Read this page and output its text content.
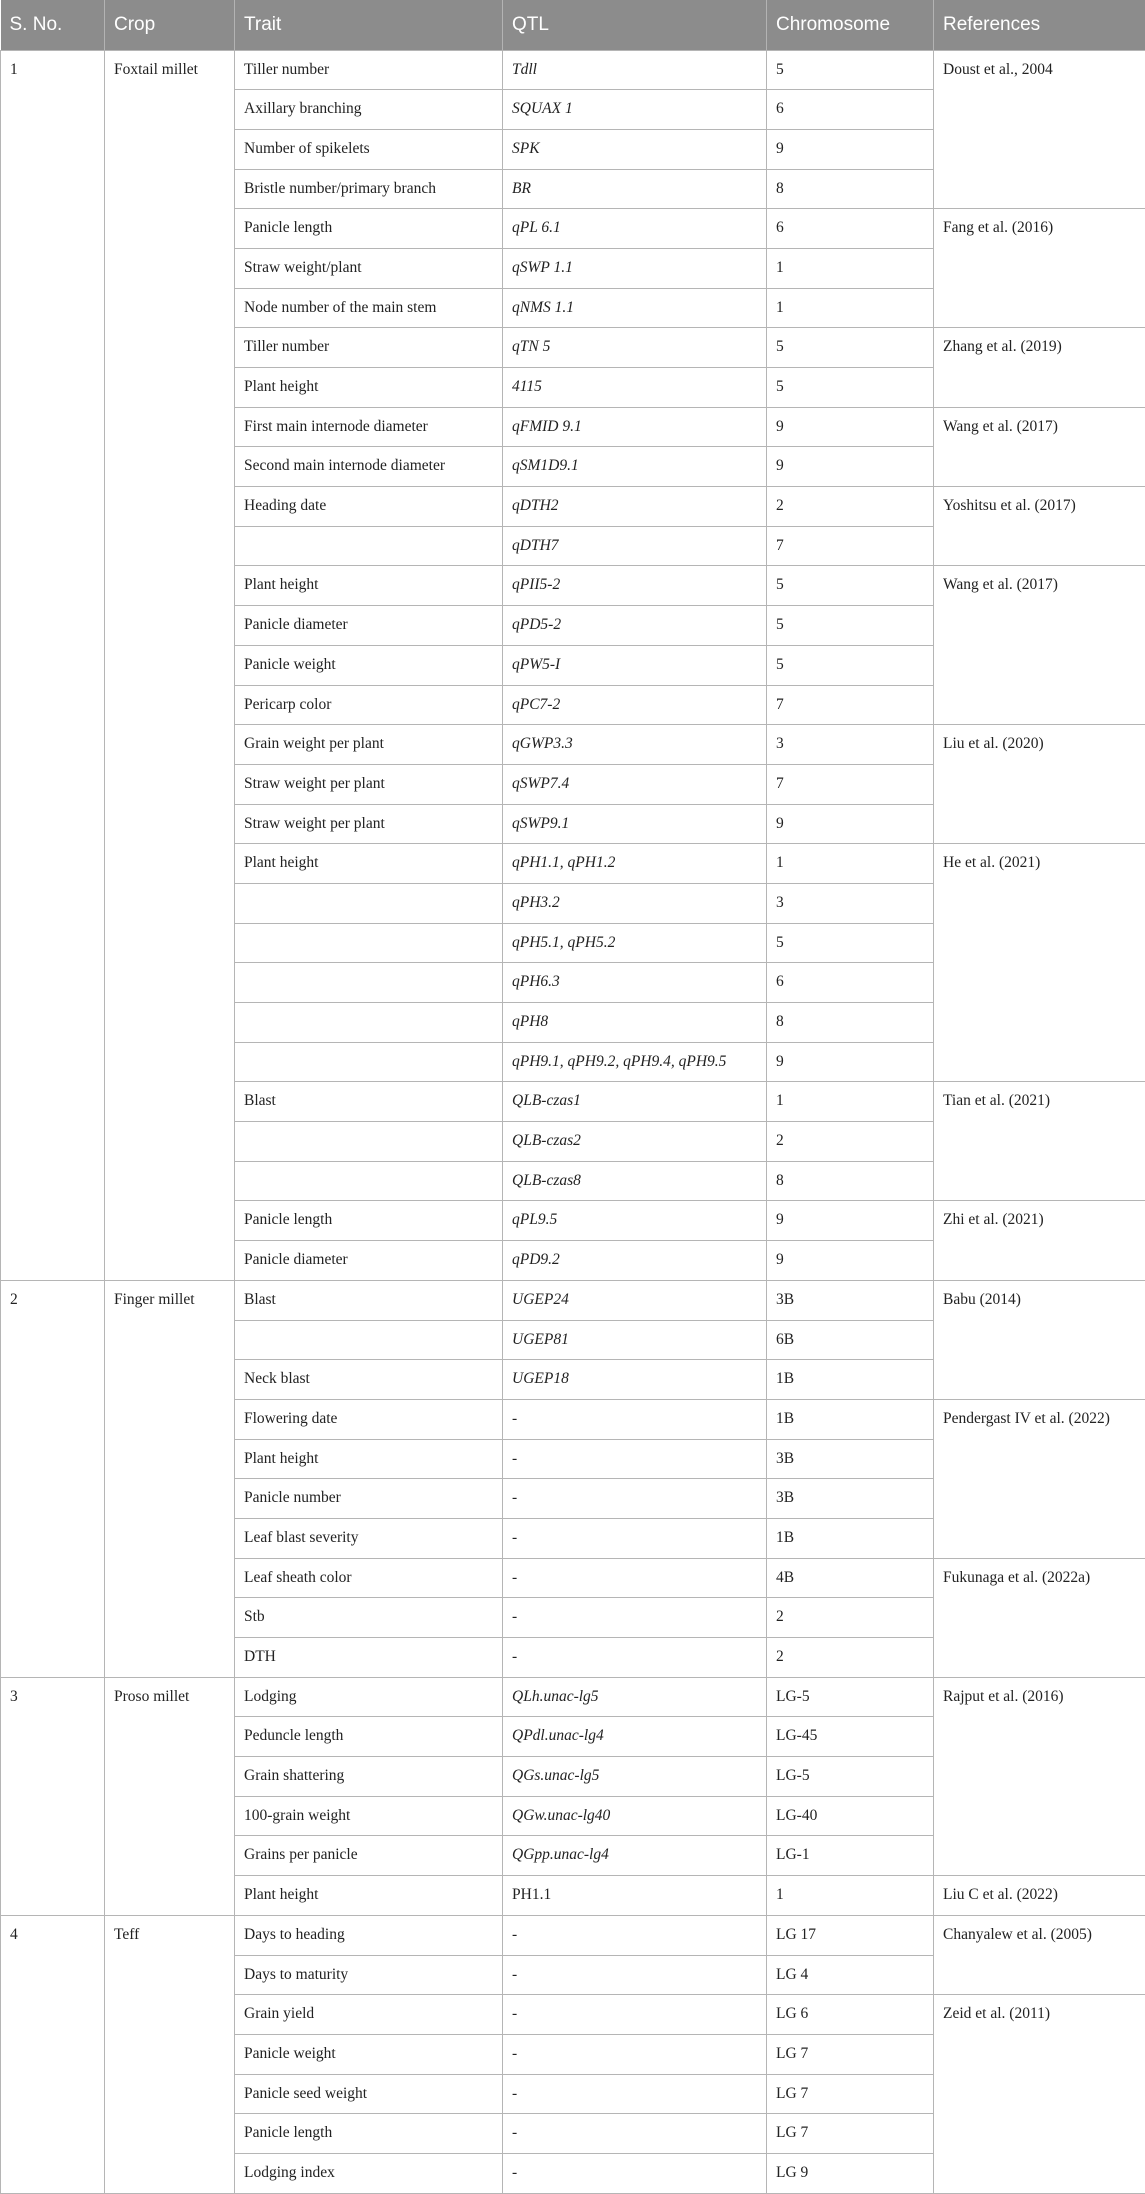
S. No.	Crop	Trait	QTL	Chromosome	References
1	Foxtail millet	Tiller number	Tdll	5	Doust et al., 2004
		Axillary branching	SQUAX 1	6	
		Number of spikelets	SPK	9	
		Bristle number/primary branch	BR	8	
		Panicle length	qPL 6.1	6	Fang et al. (2016)
		Straw weight/plant	qSWP 1.1	1	
		Node number of the main stem	qNMS 1.1	1	
		Tiller number	qTN 5	5	Zhang et al. (2019)
		Plant height	4115	5	
		First main internode diameter	qFMID 9.1	9	Wang et al. (2017)
		Second main internode diameter	qSM1D9.1	9	
		Heading date	qDTH2	2	Yoshitsu et al. (2017)
			qDTH7	7	
		Plant height	qPII5-2	5	Wang et al. (2017)
		Panicle diameter	qPD5-2	5	
		Panicle weight	qPW5-I	5	
		Pericarp color	qPC7-2	7	
		Grain weight per plant	qGWP3.3	3	Liu et al. (2020)
		Straw weight per plant	qSWP7.4	7	
		Straw weight per plant	qSWP9.1	9	
		Plant height	qPH1.1, qPH1.2	1	He et al. (2021)
			qPH3.2	3	
			qPH5.1, qPH5.2	5	
			qPH6.3	6	
			qPH8	8	
			qPH9.1, qPH9.2, qPH9.4, qPH9.5	9	
		Blast	QLB-czas1	1	Tian et al. (2021)
			QLB-czas2	2	
			QLB-czas8	8	
		Panicle length	qPL9.5	9	Zhi et al. (2021)
		Panicle diameter	qPD9.2	9	
2	Finger millet	Blast	UGEP24	3B	Babu (2014)
			UGEP81	6B	
		Neck blast	UGEP18	1B	
		Flowering date	-	1B	Pendergast IV et al. (2022)
		Plant height	-	3B	
		Panicle number	-	3B	
		Leaf blast severity	-	1B	
		Leaf sheath color	-	4B	Fukunaga et al. (2022a)
		Stb	-	2	
		DTH	-	2	
3	Proso millet	Lodging	QLh.unac-lg5	LG-5	Rajput et al. (2016)
		Peduncle length	QPdl.unac-lg4	LG-45	
		Grain shattering	QGs.unac-lg5	LG-5	
		100-grain weight	QGw.unac-lg40	LG-40	
		Grains per panicle	QGpp.unac-lg4	LG-1	
		Plant height	PH1.1	1	Liu C et al. (2022)
4	Teff	Days to heading	-	LG 17	Chanyalew et al. (2005)
		Days to maturity	-	LG 4	
		Grain yield	-	LG 6	Zeid et al. (2011)
		Panicle weight	-	LG 7	
		Panicle seed weight	-	LG 7	
		Panicle length	-	LG 7	
		Lodging index	-	LG 9	
